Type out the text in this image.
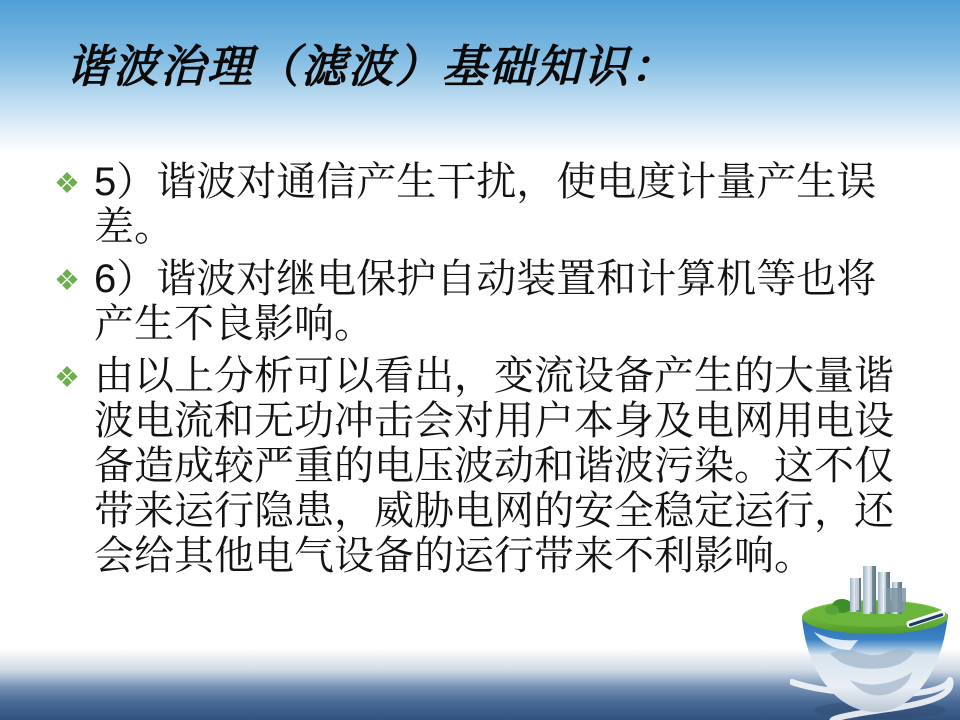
谐波治理（滤波）基础知识：
❖ 5）谐波对通信产生干扰，使电度计量产生误差。
❖ 6）谐波对继电保护自动装置和计算机等也将产生不良影响。
❖ 由以上分析可以看出，变流设备产生的大量谐波电流和无功冲击会对用户本身及电网用电设备造成较严重的电压波动和谐波污染。这不仅带来运行隐患，威胁电网的安全稳定运行，还会给其他电气设备的运行带来不利影响。
